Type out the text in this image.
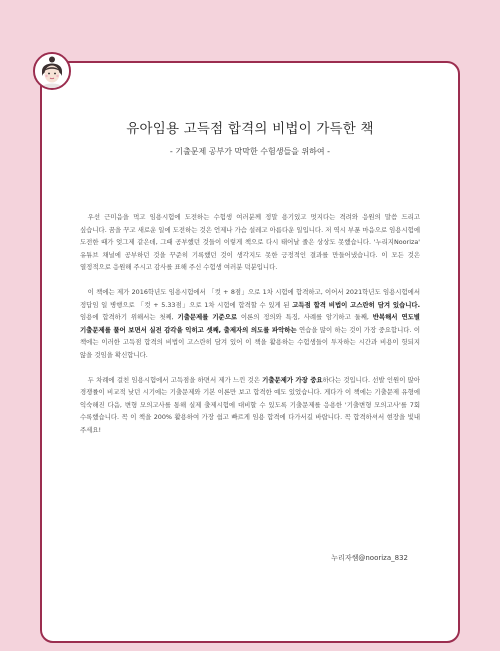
유아임용 고득점 합격의 비법이 가득한 책
- 기출문제 공부가 막막한 수험생들을 위하여 -

우선 근미음을 먹고 임용시험에 도전하는 수험생 여러분께 정말 용기있고 멋지다는 격려와 응원의 말씀 드리고 싶습니다. 꿈을 꾸고 새로운 일에 도전하는 것은 언제나 가슴 설레고 아름다운 일입니다. 저 역시 부푼 마음으로 임용시험에 도전한 때가 엊그제 같은데, 그때 공부했던 것들이 이렇게 책으로 다시 태어날 줄은 상상도 못했습니다. '누리지Nooriza' 유튜브 채널에 공부하던 것을 꾸준히 기록했던 것이 생각지도 못한 긍정적인 결과를 만들어냈습니다. 이 모든 것은 열정적으로 응원해 주시고 감사를 표해 주신 수험생 여러분 덕분입니다.

이 책에는 제가 2016학년도 임용시험에서 「컷 + 8점」으로 1차 시험에 합격하고, 이어서 2021학년도 임용시험에서 정답임 일 병행으로 「컷 + 5.33점」으로 1차 시험에 합격할 수 있게 된 고득점 합격 비법이 고스란히 담겨 있습니다. 임용에 합격하기 위해서는 첫째, 기출문제를 기준으로 이론의 정의와 특징, 사례를 암기하고 둘째, 반복해서 연도별 기출문제를 풀어 보면서 실전 감각을 익히고 셋째, 출제자의 의도를 파악하는 연습을 많이 하는 것이 가장 중요합니다. 이 책에는 이러한 고득점 합격의 비법이 고스란히 담겨 있어 이 책을 활용하는 수험생들이 투자하는 시간과 비용이 헛되지 않을 것임을 확신합니다.

두 차례에 걸친 임용시험에서 고득점을 하면서 제가 느낀 것은 기출문제가 가장 중요하다는 것입니다. 선발 인원이 많아 경쟁률이 비교적 낮던 시기에는 기출문제와 기본 이론만 보고 합격한 예도 있었습니다. 게다가 이 책에는 기출문제 유형에 익숙해진 다음, 변형 모의고사를 통해 실제 출제시험에 대비할 수 있도록 기출문제를 응용한 '기출변형 모의고사'를 7회 수록했습니다. 꼭 이 책을 200% 활용하여 가장 쉽고 빠르게 임용 합격에 다가서길 바랍니다. 꼭 합격하셔서 현장을 빛내 주세요!

누리자쌤@nooriza_832
